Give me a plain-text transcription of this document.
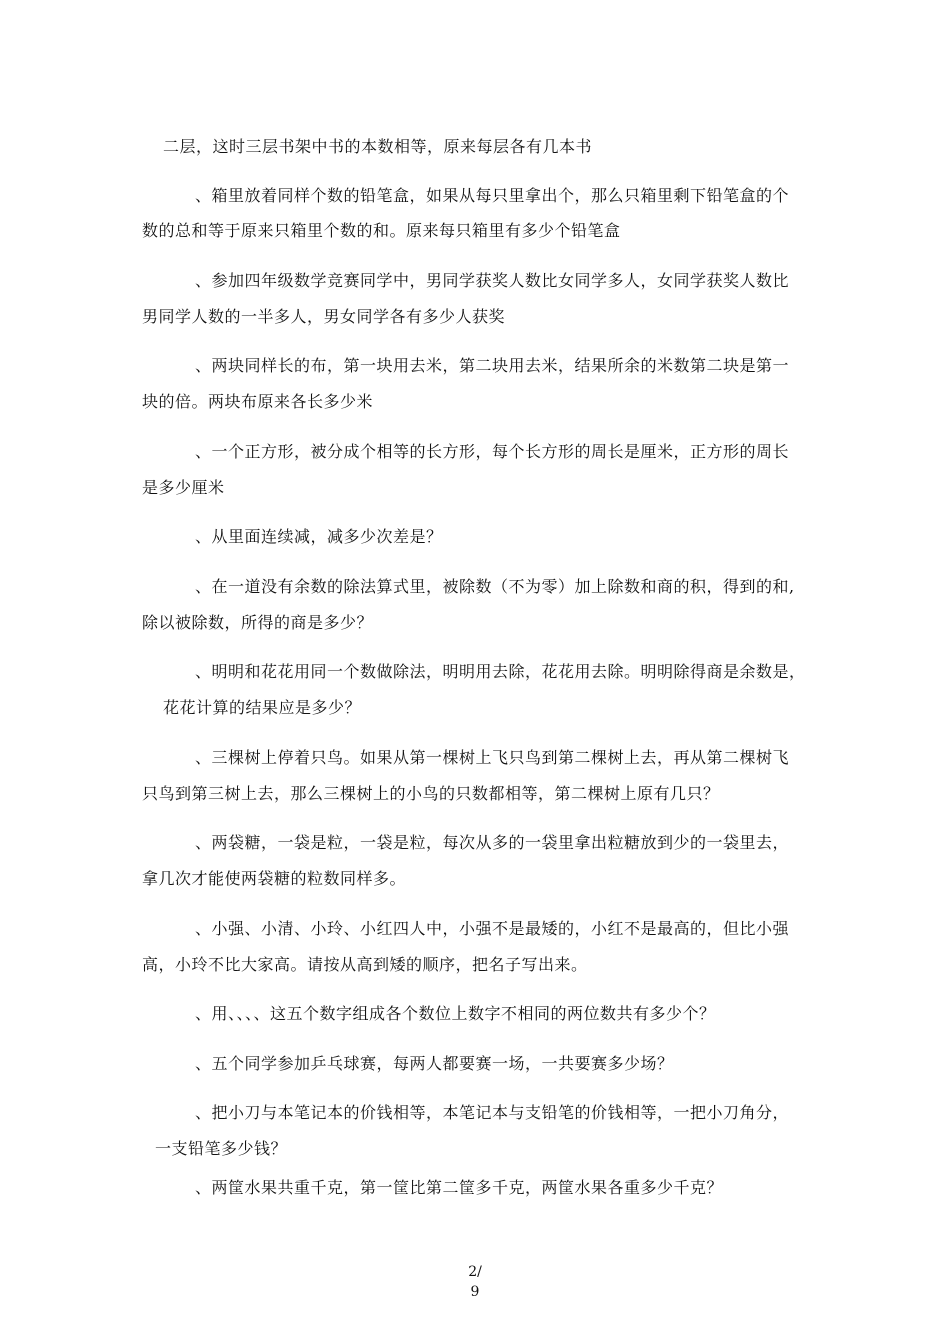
二层，这时三层书架中书的本数相等，原来每层各有几本书

、箱里放着同样个数的铅笔盒，如果从每只里拿出个，那么只箱里剩下铅笔盒的个

数的总和等于原来只箱里个数的和。原来每只箱里有多少个铅笔盒

、参加四年级数学竞赛同学中，男同学获奖人数比女同学多人，女同学获奖人数比

男同学人数的一半多人，男女同学各有多少人获奖

、两块同样长的布，第一块用去米，第二块用去米，结果所余的米数第二块是第一

块的倍。两块布原来各长多少米

、一个正方形，被分成个相等的长方形，每个长方形的周长是厘米，正方形的周长

是多少厘米

、从里面连续减，减多少次差是？

、在一道没有余数的除法算式里，被除数（不为零）加上除数和商的积，得到的和,

除以被除数，所得的商是多少？

、明明和花花用同一个数做除法，明明用去除，花花用去除。明明除得商是余数是，

花花计算的结果应是多少？

、三棵树上停着只鸟。如果从第一棵树上飞只鸟到第二棵树上去，再从第二棵树飞

只鸟到第三树上去，那么三棵树上的小鸟的只数都相等，第二棵树上原有几只？

、两袋糖，一袋是粒，一袋是粒，每次从多的一袋里拿出粒糖放到少的一袋里去，

拿几次才能使两袋糖的粒数同样多。

、小强、小清、小玲、小红四人中，小强不是最矮的，小红不是最高的，但比小强

高，小玲不比大家高。请按从高到矮的顺序，把名子写出来。

、用、、、、这五个数字组成各个数位上数字不相同的两位数共有多少个？

、五个同学参加乒乓球赛，每两人都要赛一场，一共要赛多少场？

、把小刀与本笔记本的价钱相等，本笔记本与支铅笔的价钱相等，一把小刀角分，

一支铅笔多少钱？

、两筐水果共重千克，第一筐比第二筐多千克，两筐水果各重多少千克？

2/

9
